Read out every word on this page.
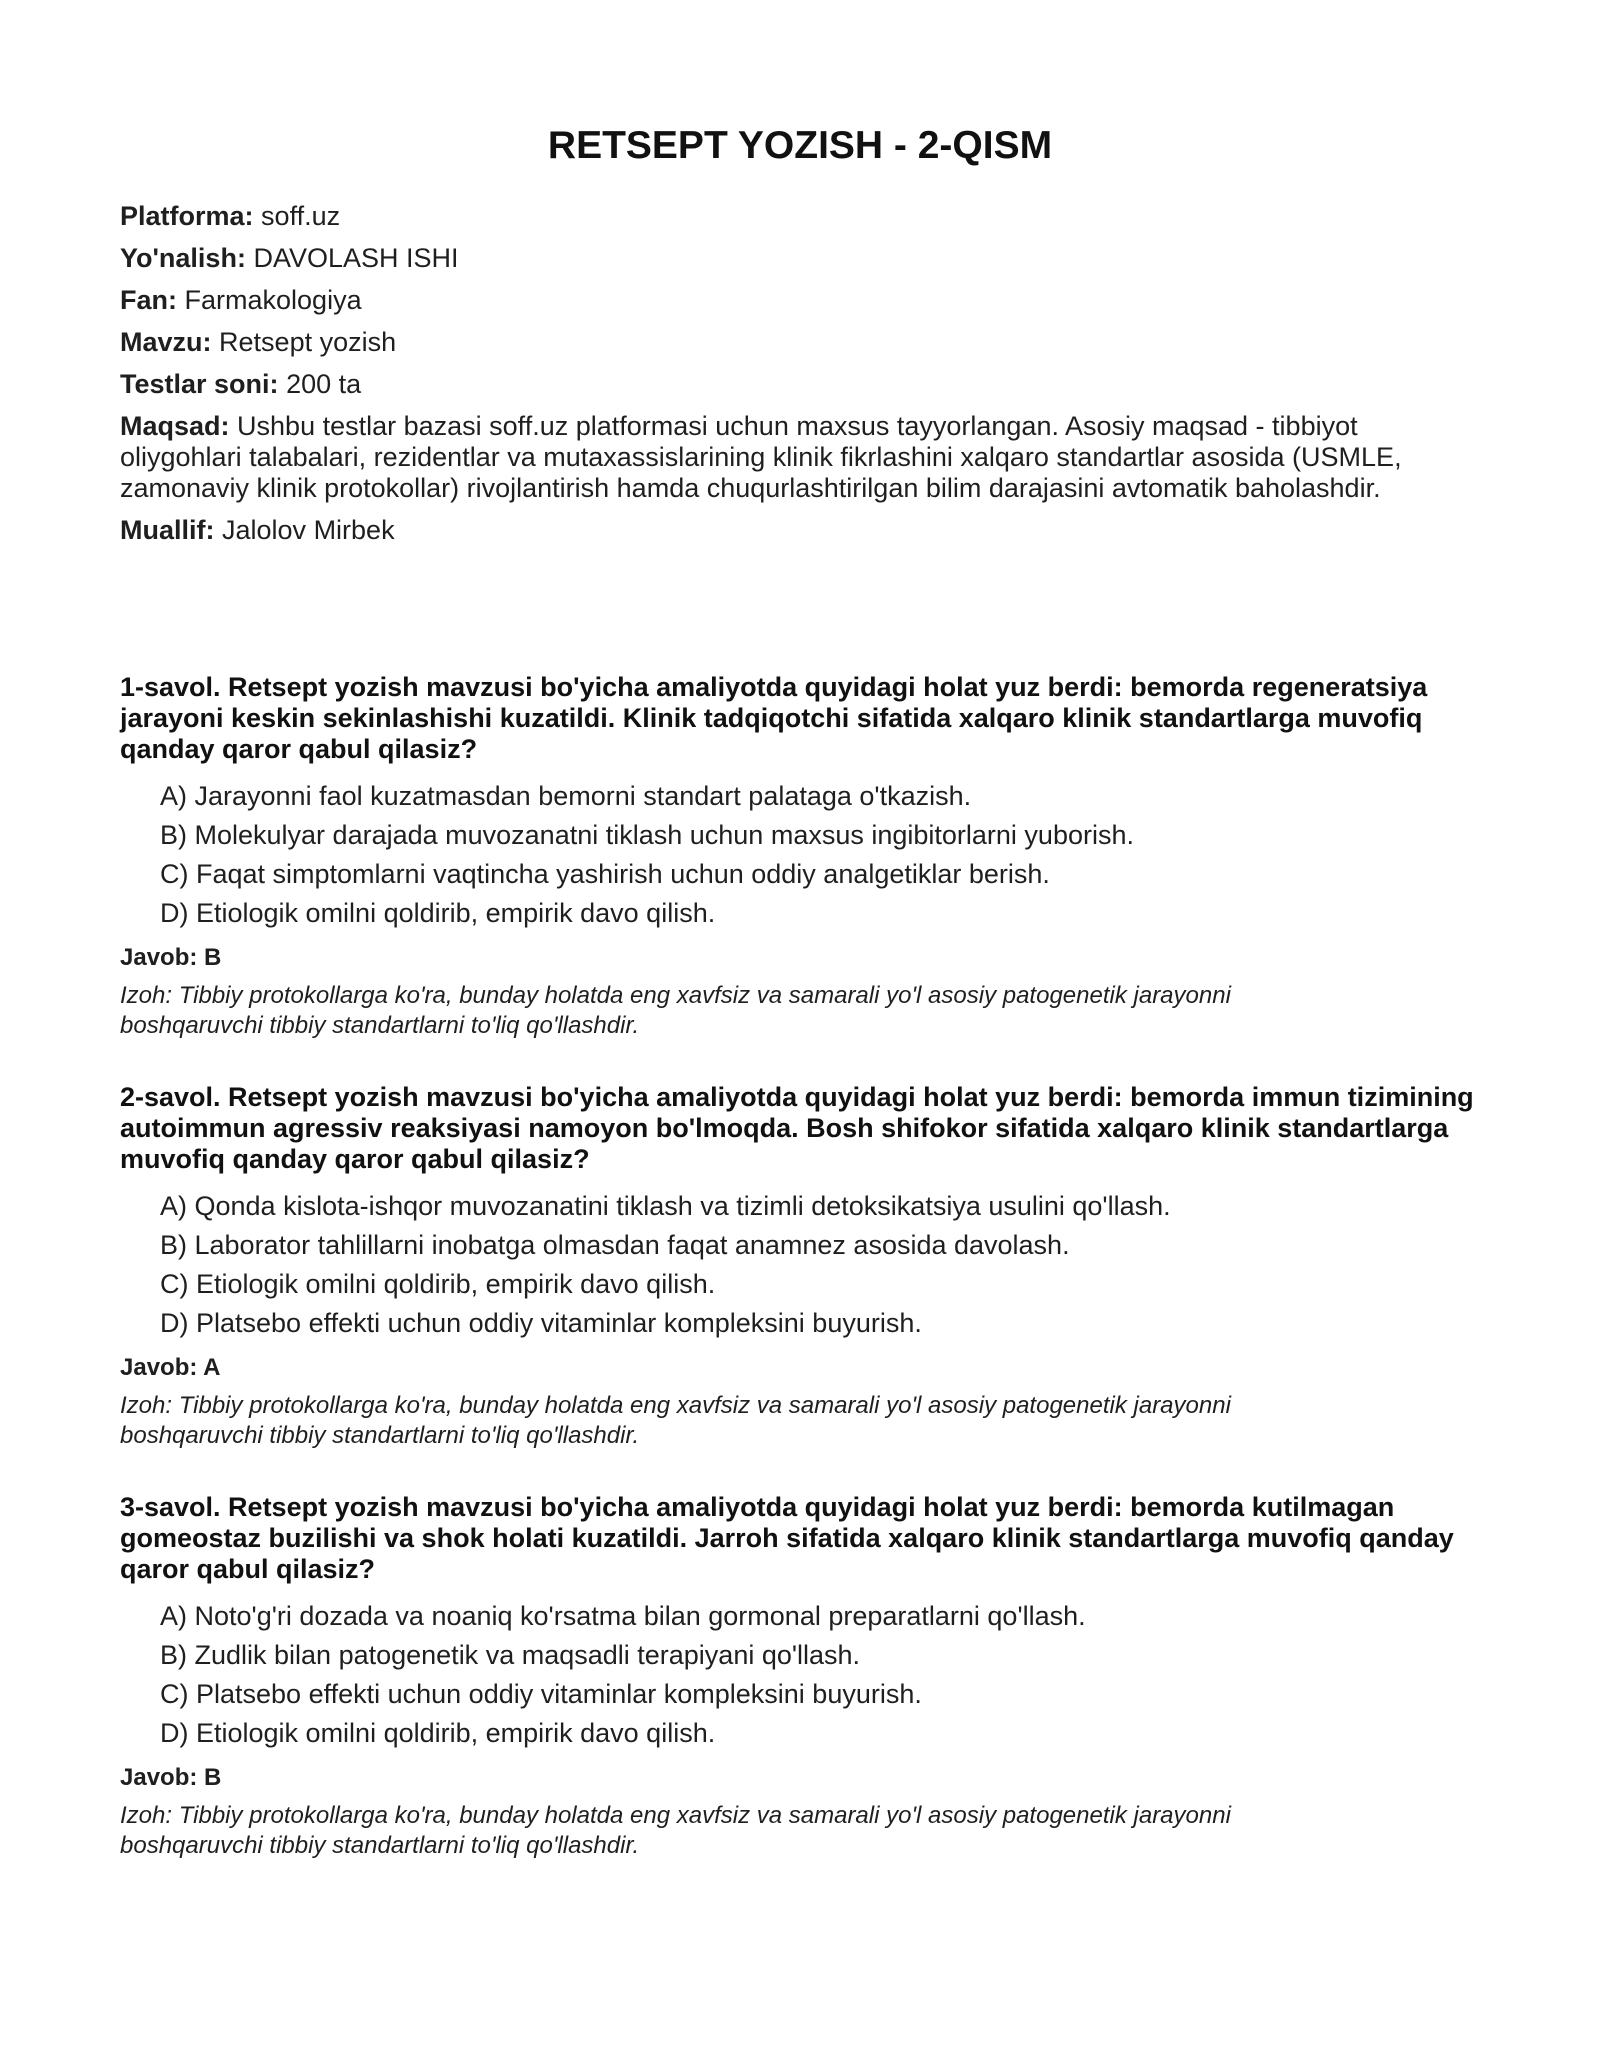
RETSEPT YOZISH - 2-QISM

Platforma: soff.uz

Yo'nalish: DAVOLASH ISHI

Fan: Farmakologiya

Mavzu: Retsept yozish

Testlar soni: 200 ta

Maqsad: Ushbu testlar bazasi soff.uz platformasi uchun maxsus tayyorlangan. Asosiy maqsad - tibbiyot oliygohlari talabalari, rezidentlar va mutaxassislarining klinik fikrlashini xalqaro standartlar asosida (USMLE, zamonaviy klinik protokollar) rivojlantirish hamda chuqurlashtirilgan bilim darajasini avtomatik baholashdir.

Muallif: Jalolov Mirbek

1-savol. Retsept yozish mavzusi bo'yicha amaliyotda quyidagi holat yuz berdi: bemorda regeneratsiya jarayoni keskin sekinlashishi kuzatildi. Klinik tadqiqotchi sifatida xalqaro klinik standartlarga muvofiq qanday qaror qabul qilasiz?

A) Jarayonni faol kuzatmasdan bemorni standart palataga o'tkazish.

B) Molekulyar darajada muvozanatni tiklash uchun maxsus ingibitorlarni yuborish.

C) Faqat simptomlarni vaqtincha yashirish uchun oddiy analgetiklar berish.

D) Etiologik omilni qoldirib, empirik davo qilish.

Javob: B

Izoh: Tibbiy protokollarga ko'ra, bunday holatda eng xavfsiz va samarali yo'l asosiy patogenetik jarayonni boshqaruvchi tibbiy standartlarni to'liq qo'llashdir.

2-savol. Retsept yozish mavzusi bo'yicha amaliyotda quyidagi holat yuz berdi: bemorda immun tizimining autoimmun agressiv reaksiyasi namoyon bo'lmoqda. Bosh shifokor sifatida xalqaro klinik standartlarga muvofiq qanday qaror qabul qilasiz?

A) Qonda kislota-ishqor muvozanatini tiklash va tizimli detoksikatsiya usulini qo'llash.

B) Laborator tahlillarni inobatga olmasdan faqat anamnez asosida davolash.

C) Etiologik omilni qoldirib, empirik davo qilish.

D) Platsebo effekti uchun oddiy vitaminlar kompleksini buyurish.

Javob: A

Izoh: Tibbiy protokollarga ko'ra, bunday holatda eng xavfsiz va samarali yo'l asosiy patogenetik jarayonni boshqaruvchi tibbiy standartlarni to'liq qo'llashdir.

3-savol. Retsept yozish mavzusi bo'yicha amaliyotda quyidagi holat yuz berdi: bemorda kutilmagan gomeostaz buzilishi va shok holati kuzatildi. Jarroh sifatida xalqaro klinik standartlarga muvofiq qanday qaror qabul qilasiz?

A) Noto'g'ri dozada va noaniq ko'rsatma bilan gormonal preparatlarni qo'llash.

B) Zudlik bilan patogenetik va maqsadli terapiyani qo'llash.

C) Platsebo effekti uchun oddiy vitaminlar kompleksini buyurish.

D) Etiologik omilni qoldirib, empirik davo qilish.

Javob: B

Izoh: Tibbiy protokollarga ko'ra, bunday holatda eng xavfsiz va samarali yo'l asosiy patogenetik jarayonni boshqaruvchi tibbiy standartlarni to'liq qo'llashdir.
